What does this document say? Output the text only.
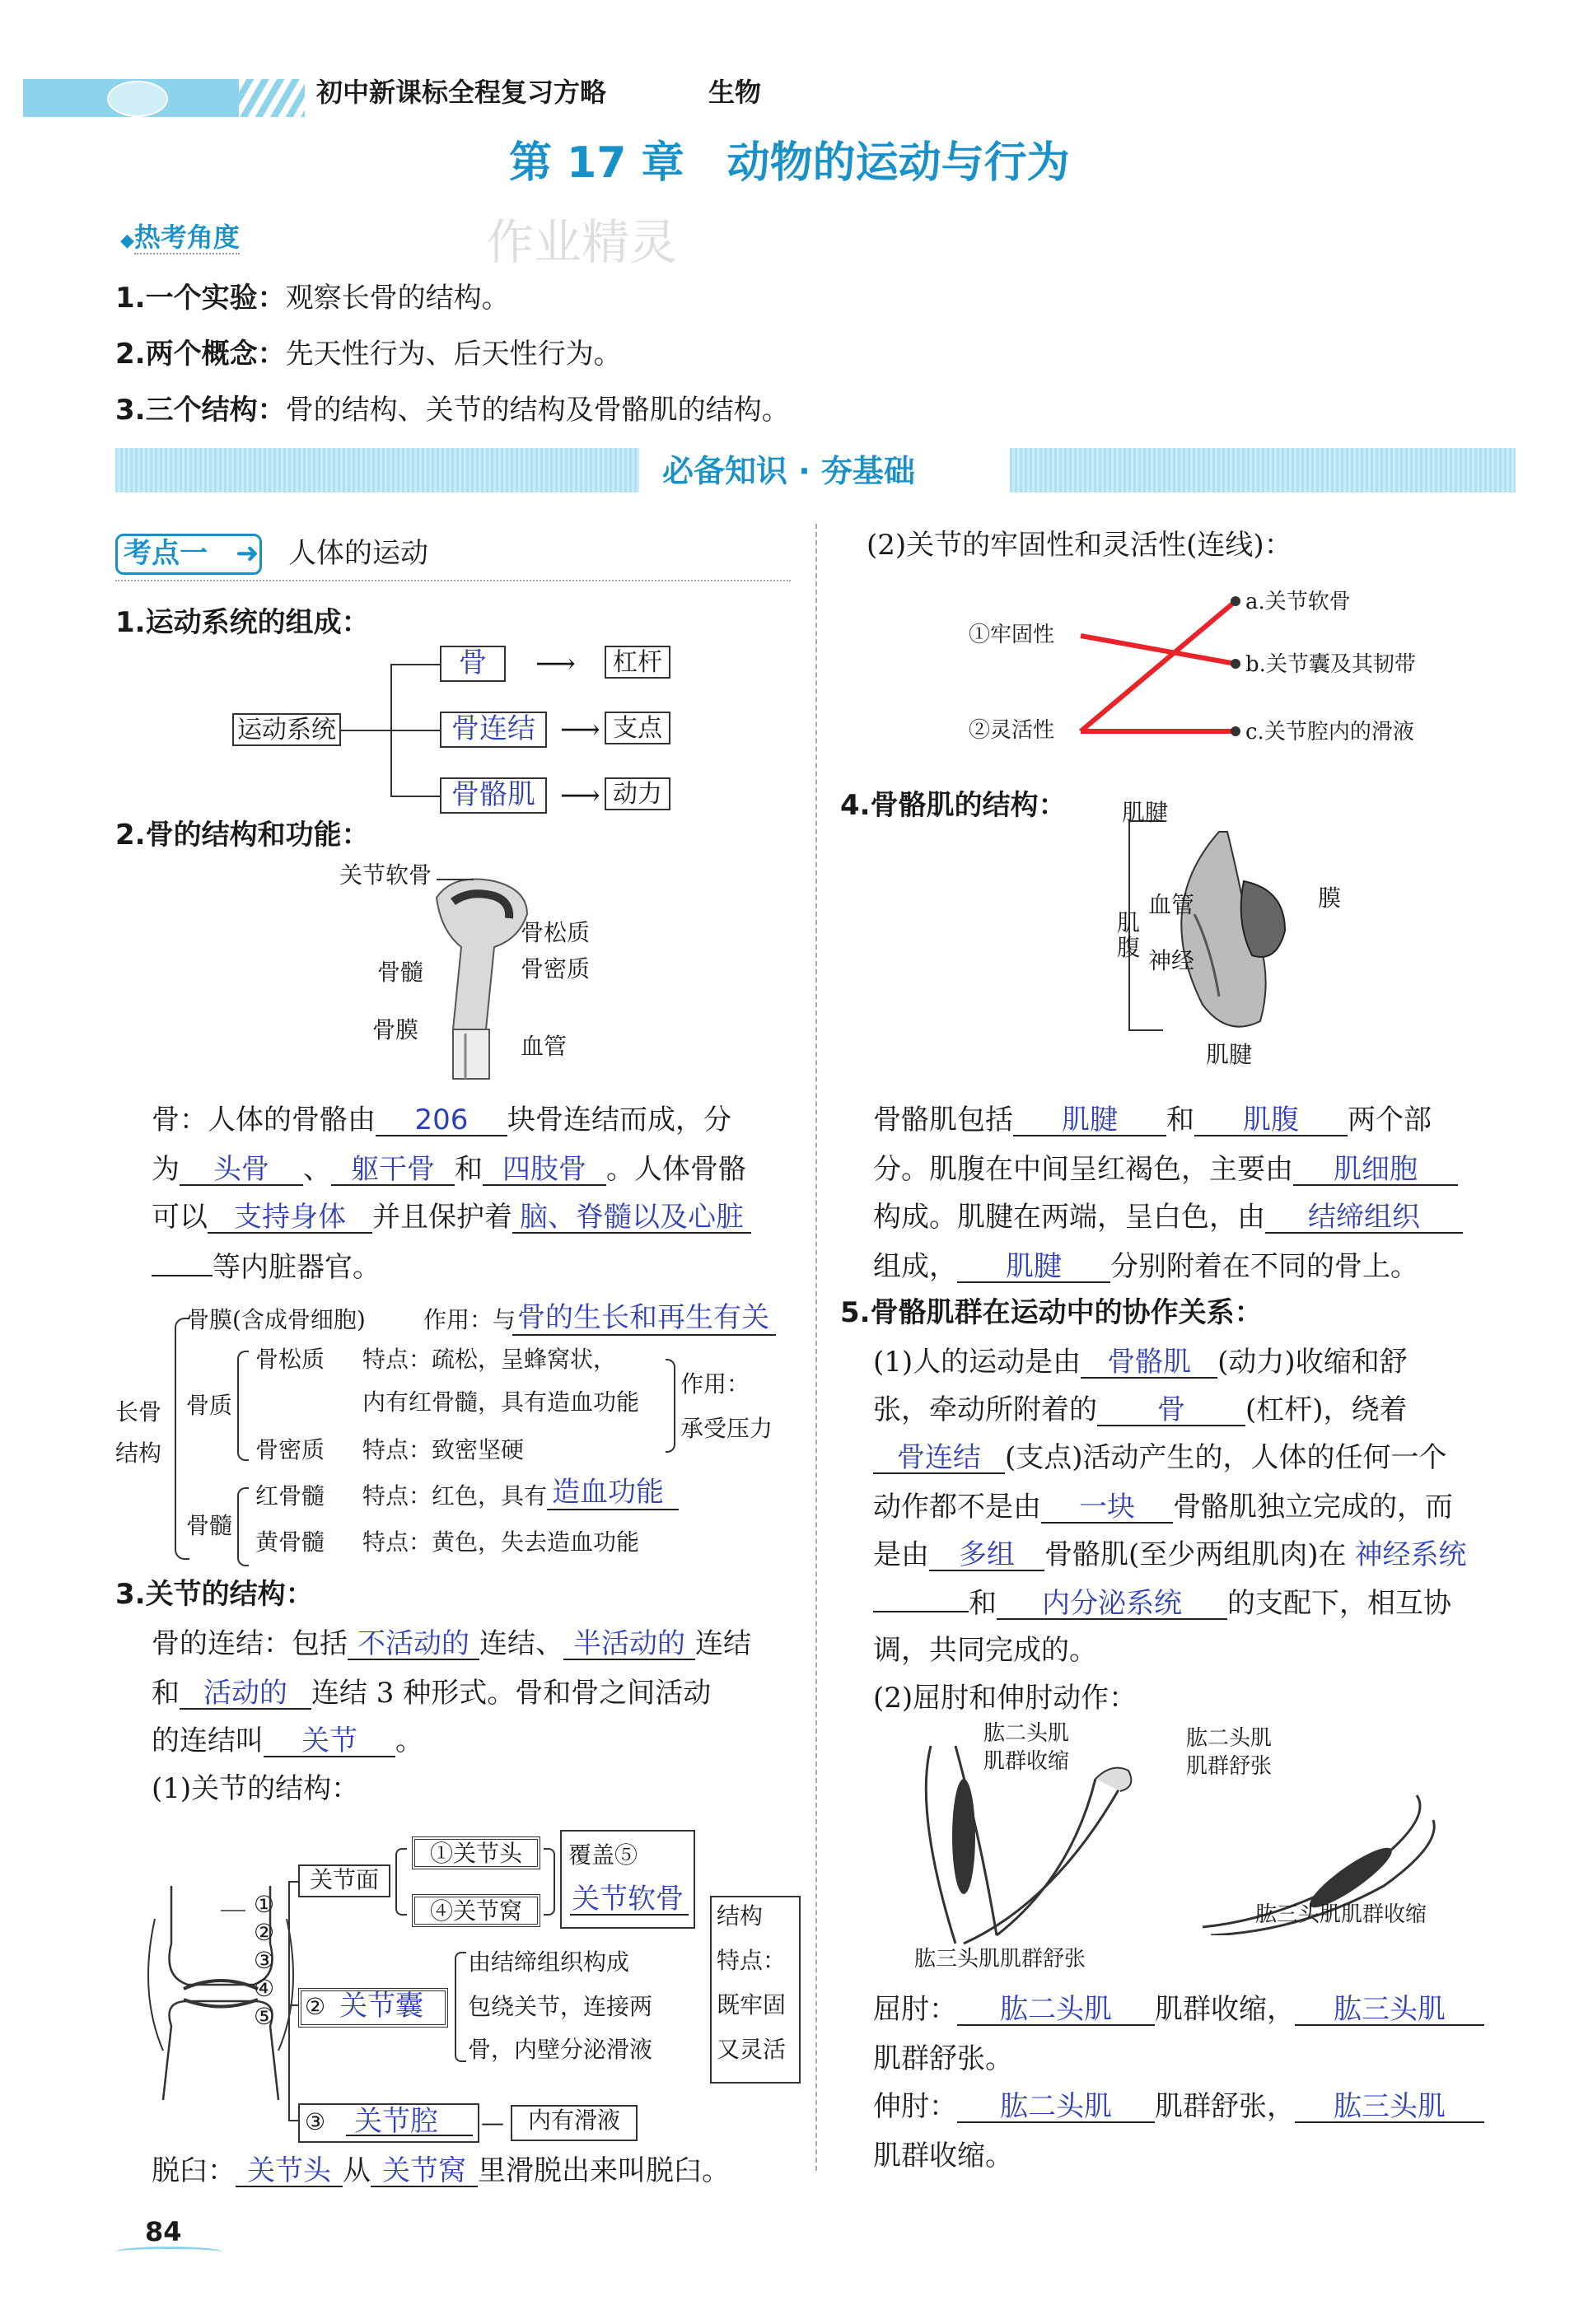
初中新课标全程复习方略	生物
第 17 章　动物的运动与行为
◆热考角度	作业精灵
1.一个实验：观察长骨的结构。
2.两个概念：先天性行为、后天性行为。
3.三个结构：骨的结构、关节的结构及骨骼肌的结构。
必备知识 · 夯基础
考点一 ➜ 人体的运动
1.运动系统的组成：
运动系统
骨
骨连结
骨骼肌
⟶
⟶
⟶
杠杆
支点
动力
2.骨的结构和功能：
关节软骨
骨松质
骨髓	骨密质
骨膜
血管
骨：人体的骨骼由 206 块骨连结而成，分
为 头骨 、 躯干骨 和 四肢骨 。人体骨骼
可以 支持身体 并且保护着 脑、脊髓以及心脏
等内脏器官。
长骨结构
骨膜(含成骨细胞)	作用：与 骨的生长和再生有关
骨质
骨松质 特点：疏松，呈蜂窝状，
内有红骨髓，具有造血功能
骨密质 特点：致密坚硬
作用：
承受压力
骨髓
红骨髓 特点：红色，具有 造血功能
黄骨髓 特点：黄色，失去造血功能
3.关节的结构：
骨的连结：包括 不活动的 连结、 半活动的 连结
和 活动的 连结 3 种形式。骨和骨之间活动
的连结叫 关节 。
(1)关节的结构：
①
②
③
④
⑤
关节面
①关节头
④关节窝
覆盖⑤
关节软骨
② 关节囊
由结缔组织构成
包绕关节，连接两
骨，内壁分泌滑液
③ 关节腔 —	内有滑液
结构
特点：
既牢固
又灵活
脱臼： 关节头 从 关节窝 里滑脱出来叫脱臼。
84
(2)关节的牢固性和灵活性(连线)：
①牢固性
②灵活性
a.关节软骨
b.关节囊及其韧带
c.关节腔内的滑液
4.骨骼肌的结构： 肌腱
血管
肌
腹
膜
神经
肌腱
骨骼肌包括 肌腱 和 肌腹 两个部
分。肌腹在中间呈红褐色，主要由 肌细胞
构成。肌腱在两端，呈白色，由 结缔组织
组成， 肌腱 分别附着在不同的骨上。
5.骨骼肌群在运动中的协作关系：
(1)人的运动是由 骨骼肌 (动力)收缩和舒
张，牵动所附着的 骨 (杠杆)，绕着
骨连结 (支点)活动产生的，人体的任何一个
动作都不是由 一块 骨骼肌独立完成的，而
是由 多组 骨骼肌(至少两组肌肉)在 神经系统
和 内分泌系统 的支配下，相互协
调，共同完成的。
(2)屈肘和伸肘动作：
肱二头肌
肌群收缩
肱三头肌肌群舒张
肱二头肌
肌群舒张
肱三头肌肌群收缩
屈肘： 肱二头肌 肌群收缩， 肱三头肌
肌群舒张。
伸肘： 肱二头肌 肌群舒张， 肱三头肌
肌群收缩。
